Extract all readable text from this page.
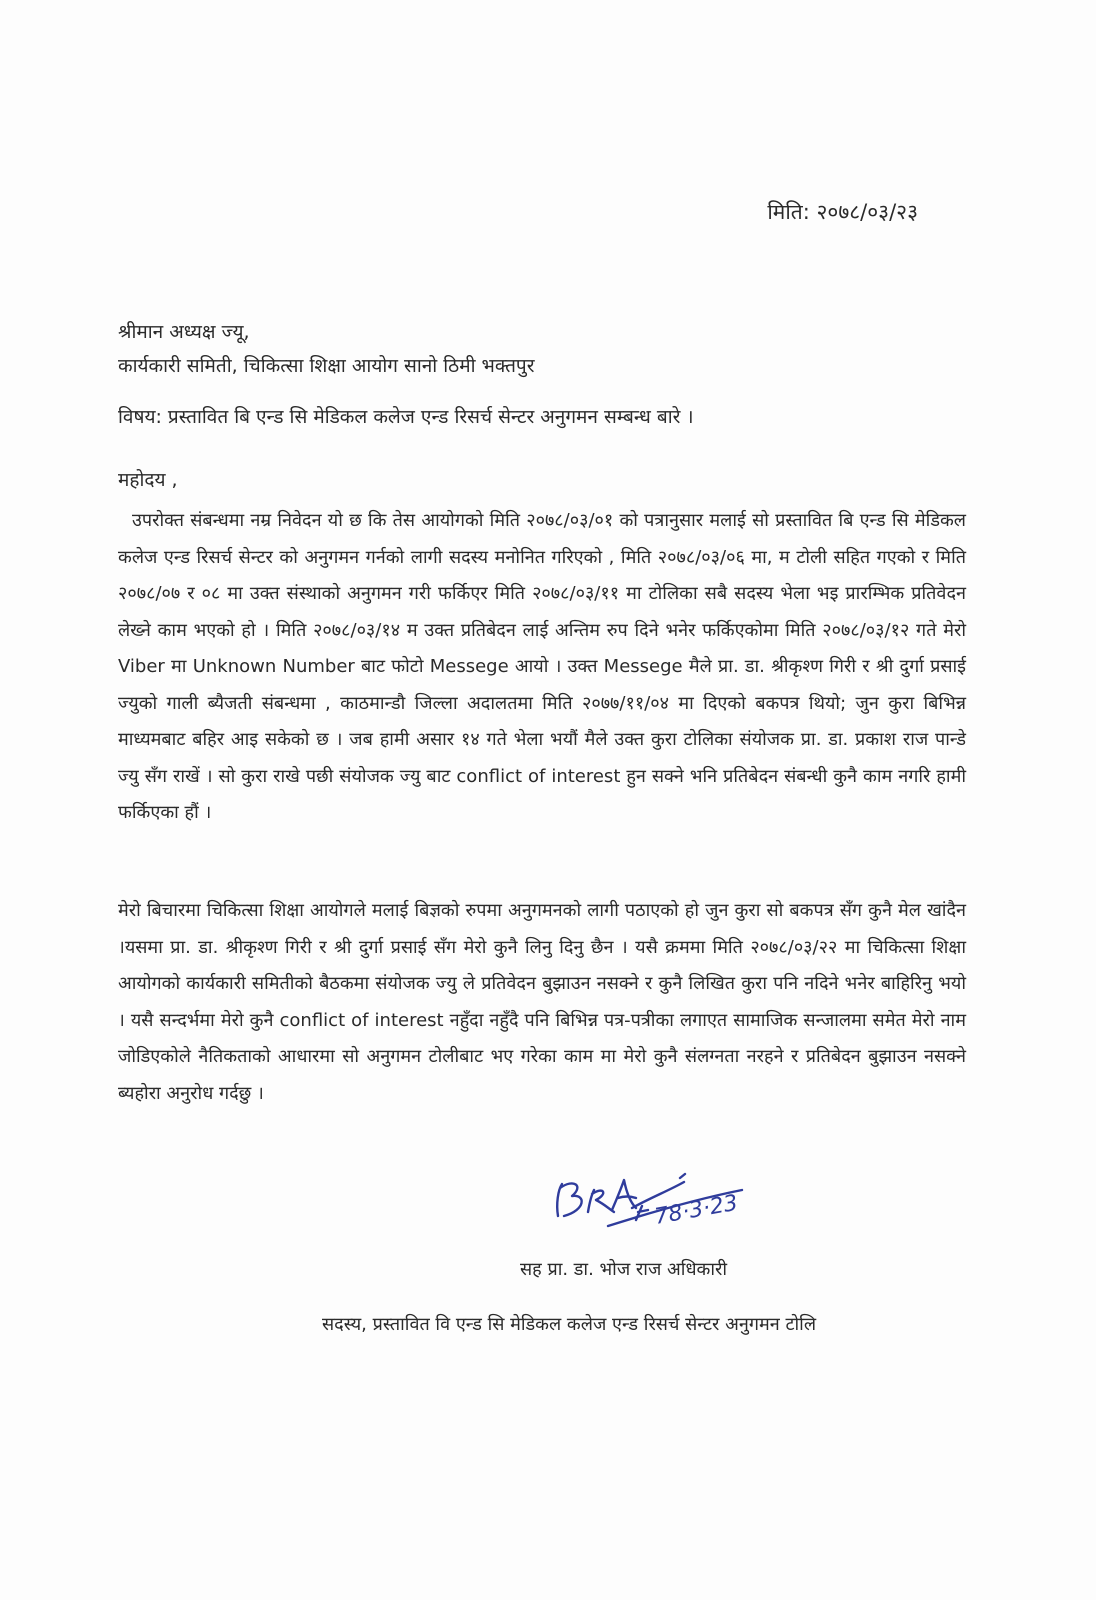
मिति: २०७८/०३/२३
श्रीमान अध्यक्ष ज्यू,
कार्यकारी समिती, चिकित्सा शिक्षा आयोग सानो ठिमी भक्तपुर
विषय: प्रस्तावित बि एन्ड सि मेडिकल कलेज एन्ड रिसर्च सेन्टर अनुगमन सम्बन्ध बारे ।
महोदय ,
उपरोक्त संबन्धमा नम्र निवेदन यो छ कि तेस आयोगको मिति २०७८/०३/०१ को पत्रानुसार मलाई सो प्रस्तावित बि एन्ड सि मेडिकल कलेज एन्ड रिसर्च सेन्टर को अनुगमन गर्नको लागी सदस्य मनोनित गरिएको , मिति २०७८/०३/०६ मा, म टोली सहित गएको र मिति २०७८/०७ र ०८ मा उक्त संस्थाको अनुगमन गरी फर्किएर मिति २०७८/०३/११ मा टोलिका सबै सदस्य भेला भइ प्रारम्भिक प्रतिवेदन लेख्ने काम भएको हो । मिति २०७८/०३/१४ म उक्त प्रतिबेदन लाई अन्तिम रुप दिने भनेर फर्किएकोमा मिति २०७८/०३/१२ गते मेरो Viber मा Unknown Number बाट फोटो Messege आयो । उक्त Messege मैले प्रा. डा. श्रीकृश्ण गिरी र श्री दुर्गा प्रसाई ज्युको गाली ब्यैजती संबन्धमा , काठमान्डौ जिल्ला अदालतमा मिति २०७७/११/०४ मा दिएको बकपत्र थियो; जुन कुरा बिभिन्न माध्यमबाट बहिर आइ सकेको छ । जब हामी असार १४ गते भेला भयौं मैले उक्त कुरा टोलिका संयोजक प्रा. डा. प्रकाश राज पान्डे ज्यु सँग राखें । सो कुरा राखे पछी संयोजक ज्यु बाट conflict of interest हुन सक्ने भनि प्रतिबेदन संबन्धी कुनै काम नगरि हामी फर्किएका हौं ।
मेरो बिचारमा चिकित्सा शिक्षा आयोगले मलाई बिज्ञको रुपमा अनुगमनको लागी पठाएको हो जुन कुरा सो बकपत्र सँग कुनै मेल खांदैन ।यसमा प्रा. डा. श्रीकृश्ण गिरी र श्री दुर्गा प्रसाई सँग मेरो कुनै लिनु दिनु छैन । यसै क्रममा मिति २०७८/०३/२२ मा चिकित्सा शिक्षा आयोगको कार्यकारी समितीको बैठकमा संयोजक ज्यु ले प्रतिवेदन बुझाउन नसक्ने र कुनै लिखित कुरा पनि नदिने भनेर बाहिरिनु भयो । यसै सन्दर्भमा मेरो कुनै conflict of interest नहुँदा नहुँदै पनि बिभिन्न पत्र-पत्रीका लगाएत सामाजिक सन्जालमा समेत मेरो नाम जोडिएकोले नैतिकताको आधारमा सो अनुगमन टोलीबाट भए गरेका काम मा मेरो कुनै संलग्नता नरहने र प्रतिबेदन बुझाउन नसक्ने ब्यहोरा अनुरोध गर्दछु ।
78·3·23
सह प्रा. डा. भोज राज अधिकारी
सदस्य, प्रस्तावित वि एन्ड सि मेडिकल कलेज एन्ड रिसर्च सेन्टर अनुगमन टोलि
